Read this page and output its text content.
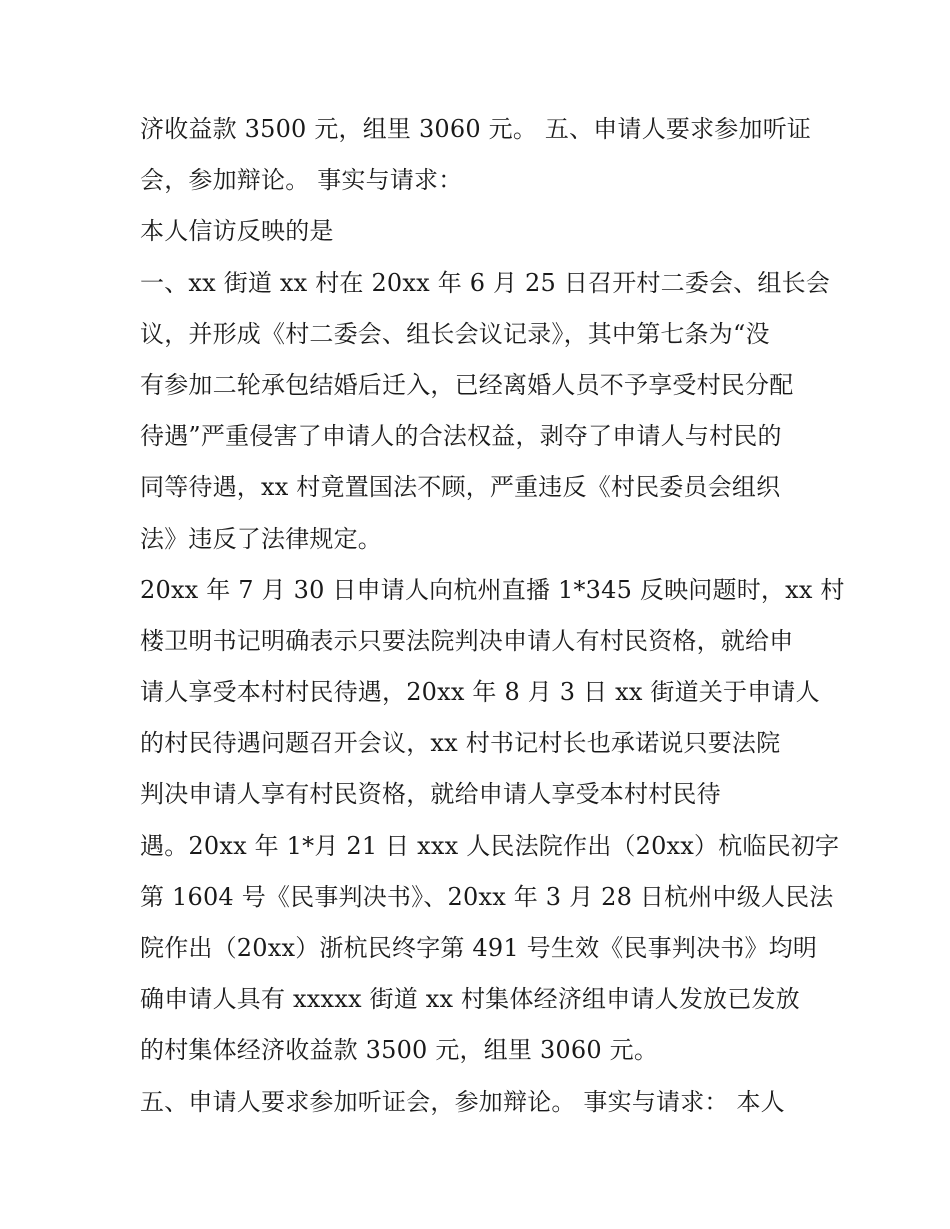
济收益款 3500 元，组里 3060 元。 五、申请人要求参加听证
会，参加辩论。 事实与请求：
本人信访反映的是
一、xx 街道 xx 村在 20xx 年 6 月 25 日召开村二委会、组长会
议，并形成《村二委会、组长会议记录》，其中第七条为“没
有参加二轮承包结婚后迁入，已经离婚人员不予享受村民分配
待遇”严重侵害了申请人的合法权益，剥夺了申请人与村民的
同等待遇，xx 村竟置国法不顾，严重违反《村民委员会组织
法》违反了法律规定。
20xx 年 7 月 30 日申请人向杭州直播 1*345 反映问题时，xx 村
楼卫明书记明确表示只要法院判决申请人有村民资格，就给申
请人享受本村村民待遇，20xx 年 8 月 3 日 xx 街道关于申请人
的村民待遇问题召开会议，xx 村书记村长也承诺说只要法院
判决申请人享有村民资格，就给申请人享受本村村民待
遇。20xx 年 1*月 21 日 xxx 人民法院作出（20xx）杭临民初字
第 1604 号《民事判决书》、20xx 年 3 月 28 日杭州中级人民法
院作出（20xx）浙杭民终字第 491 号生效《民事判决书》均明
确申请人具有 xxxxx 街道 xx 村集体经济组申请人发放已发放
的村集体经济收益款 3500 元，组里 3060 元。
五、申请人要求参加听证会，参加辩论。 事实与请求： 本人
